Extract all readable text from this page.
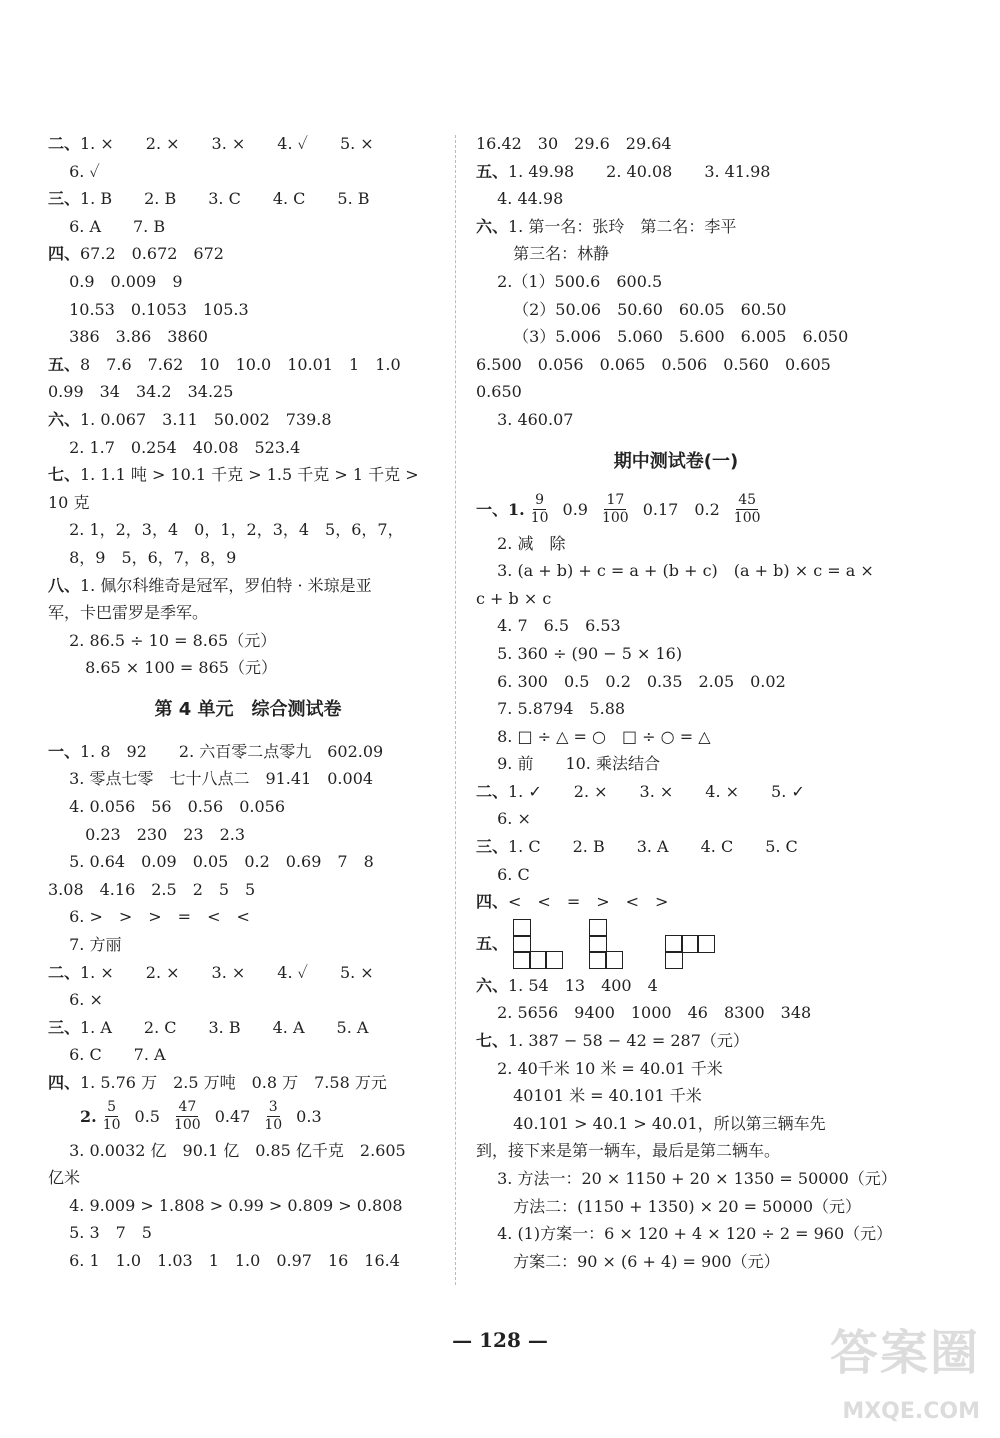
二、1. ×　　2. ×　　3. ×　　4. ✓　　5. ×
　 6. ✓
三、1. B　　2. B　　3. C　　4. C　　5. B
　 6. A　　7. B
四、67.2　0.672　672
　 0.9　0.009　9
　 10.53　0.1053　105.3
　 386　3.86　3860
五、8　7.6　7.62　10　10.0　10.01　1　1.0
0.99　34　34.2　34.25
六、1. 0.067　3.11　50.002　739.8
　 2. 1.7　0.254　40.08　523.4
七、1. 1.1 吨 > 10.1 千克 > 1.5 千克 > 1 千克 >
10 克
　 2. 1，2，3，4　0，1，2，3，4　5，6，7，
　 8，9　5，6，7，8，9
八、1. 佩尔科维奇是冠军，罗伯特 · 米琼是亚
军，卡巴雷罗是季军。
　 2. 86.5 ÷ 10 = 8.65（元）
　　 8.65 × 100 = 865（元）
第 4 单元　综合测试卷
一、1. 8　92　　2. 六百零二点零九　602.09
　 3. 零点七零　七十八点二　91.41　0.004
　 4. 0.056　56　0.56　0.056
　　 0.23　230　23　2.3
　 5. 0.64　0.09　0.05　0.2　0.69　7　8
3.08　4.16　2.5　2　5　5
　 6. >　>　>　=　<　<
　 7. 方丽
二、1. ×　　2. ×　　3. ×　　4. ✓　　5. ×
　 6. ×
三、1. A　　2. C　　3. B　　4. A　　5. A
　 6. C　　7. A
四、1. 5.76 万　2.5 万吨　0.8 万　7.58 万元
2. $\frac{5}{10} 0.5 \frac{47}{100} 0.47 \frac{3}{10} 0.3$
　 3. 0.0032 亿　90.1 亿　0.85 亿千克　2.605
亿米
　 4. 9.009 > 1.808 > 0.99 > 0.809 > 0.808
　 5. 3　7　5
　 6. 1　1.0　1.03　1　1.0　0.97　16　16.4
16.42　30　29.6　29.64
五、1. 49.98　　2. 40.08　　3. 41.98
　 4. 44.98
六、1. 第一名：张玲　第二名：李平
　　 第三名：林静
　 2.（1）500.6　600.5
　　 （2）50.06　50.60　60.05　60.50
　　 （3）5.006　5.060　5.600　6.005　6.050
6.500　0.056　0.065　0.506　0.560　0.605
0.650
　 3. 460.07
期中测试卷(一)
一、 1. $\frac{9}{10} 0.9 \frac{17}{100} 0.17$　$0.2 \frac{45}{100}$
　 2. 减　除
　 3. (a + b) + c = a + (b + c)　(a + b) × c = a ×
c + b × c
　 4. 7　6.5　6.53
　 5. 360 ÷ (90 − 5 × 16)
　 6. 300　0.5　0.2　0.35　2.05　0.02
　 7. 5.8794　5.88
　 8. □ ÷ △ = ○　□ ÷ ○ = △
　 9. 前　　10. 乘法结合
二、1. ✓　　2. ×　　3. ×　　4. ×　　5. ✓
　 6. ×
三、1. C　　2. B　　3. A　　4. C　　5. C
　 6. C
四、<　<　=　>　<　>
五、
六、1. 54　13　400　4
　 2. 5656　9400　1000　46　8300　348
七、1. 387 − 58 − 42 = 287（元）
　 2. 40千米 10 米 = 40.01 千米
　　 40101 米 = 40.101 千米
　　 40.101 > 40.1 > 40.01，所以第三辆车先
到，接下来是第一辆车，最后是第二辆车。
　 3. 方法一：20 × 1150 + 20 × 1350 = 50000（元）
　　 方法二：(1150 + 1350) × 20 = 50000（元）
　 4. (1)方案一：6 × 120 + 4 × 120 ÷ 2 = 960（元）
　　 方案二：90 × (6 + 4) = 900（元）
— 128 —	答案圈
MXQE.COM
